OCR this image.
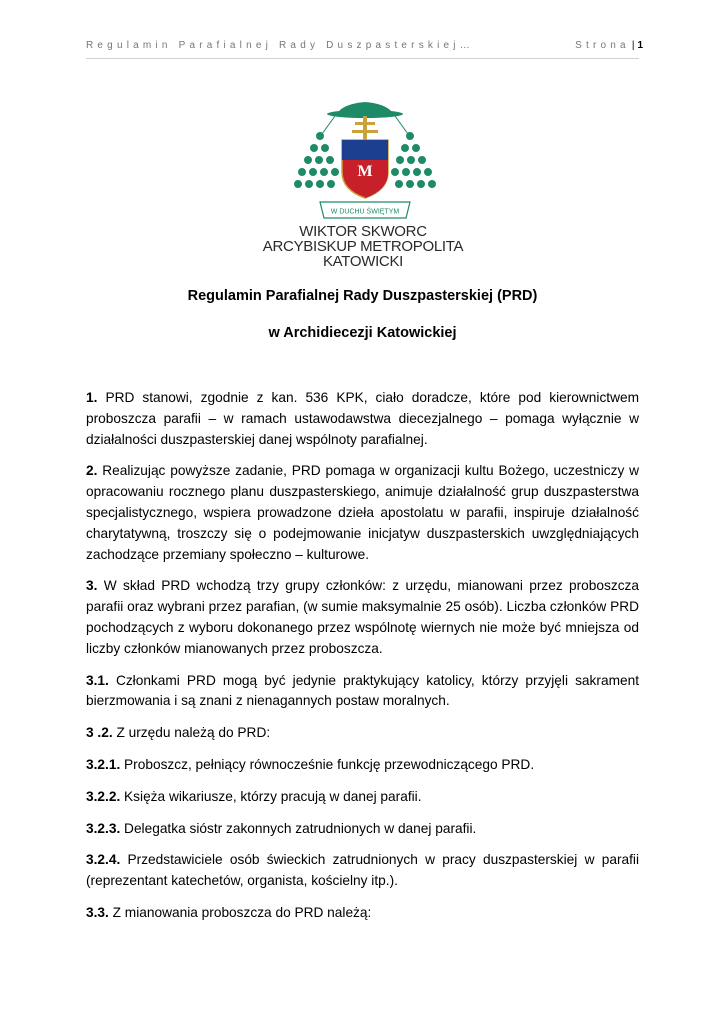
Regulamin Parafialnej Rady Duszpasterskiej…	Strona | 1
M
W DUCHU ŚWIĘTYM
WIKTOR SKWORC
ARCYBISKUP METROPOLITA
KATOWICKI
Regulamin Parafialnej Rady Duszpasterskiej (PRD)
w Archidiecezji Katowickiej

1. PRD stanowi, zgodnie z kan. 536 KPK, ciało doradcze, które pod kierownictwem proboszcza parafii – w ramach ustawodawstwa diecezjalnego – pomaga wyłącznie w działalności duszpasterskiej danej wspólnoty parafialnej.

2. Realizując powyższe zadanie, PRD pomaga w organizacji kultu Bożego, uczestniczy w opracowaniu rocznego planu duszpasterskiego, animuje działalność grup duszpasterstwa specjalistycznego, wspiera prowadzone dzieła apostolatu w parafii, inspiruje działalność charytatywną, troszczy się o podejmowanie inicjatyw duszpasterskich uwzględniających zachodzące przemiany społeczno – kulturowe.

3. W skład PRD wchodzą trzy grupy członków: z urzędu, mianowani przez proboszcza parafii oraz wybrani przez parafian, (w sumie maksymalnie 25 osób). Liczba członków PRD pochodzących z wyboru dokonanego przez wspólnotę wiernych nie może być mniejsza od liczby członków mianowanych przez proboszcza.

3.1. Członkami PRD mogą być jedynie praktykujący katolicy, którzy przyjęli sakrament bierzmowania i są znani z nienagannych postaw moralnych.

3 .2. Z urzędu należą do PRD:

3.2.1. Proboszcz, pełniący równocześnie funkcję przewodniczącego PRD.

3.2.2. Księża wikariusze, którzy pracują w danej parafii.

3.2.3. Delegatka sióstr zakonnych zatrudnionych w danej parafii.

3.2.4. Przedstawiciele osób świeckich zatrudnionych w pracy duszpasterskiej w parafii (reprezentant katechetów, organista, kościelny itp.).

3.3. Z mianowania proboszcza do PRD należą:
